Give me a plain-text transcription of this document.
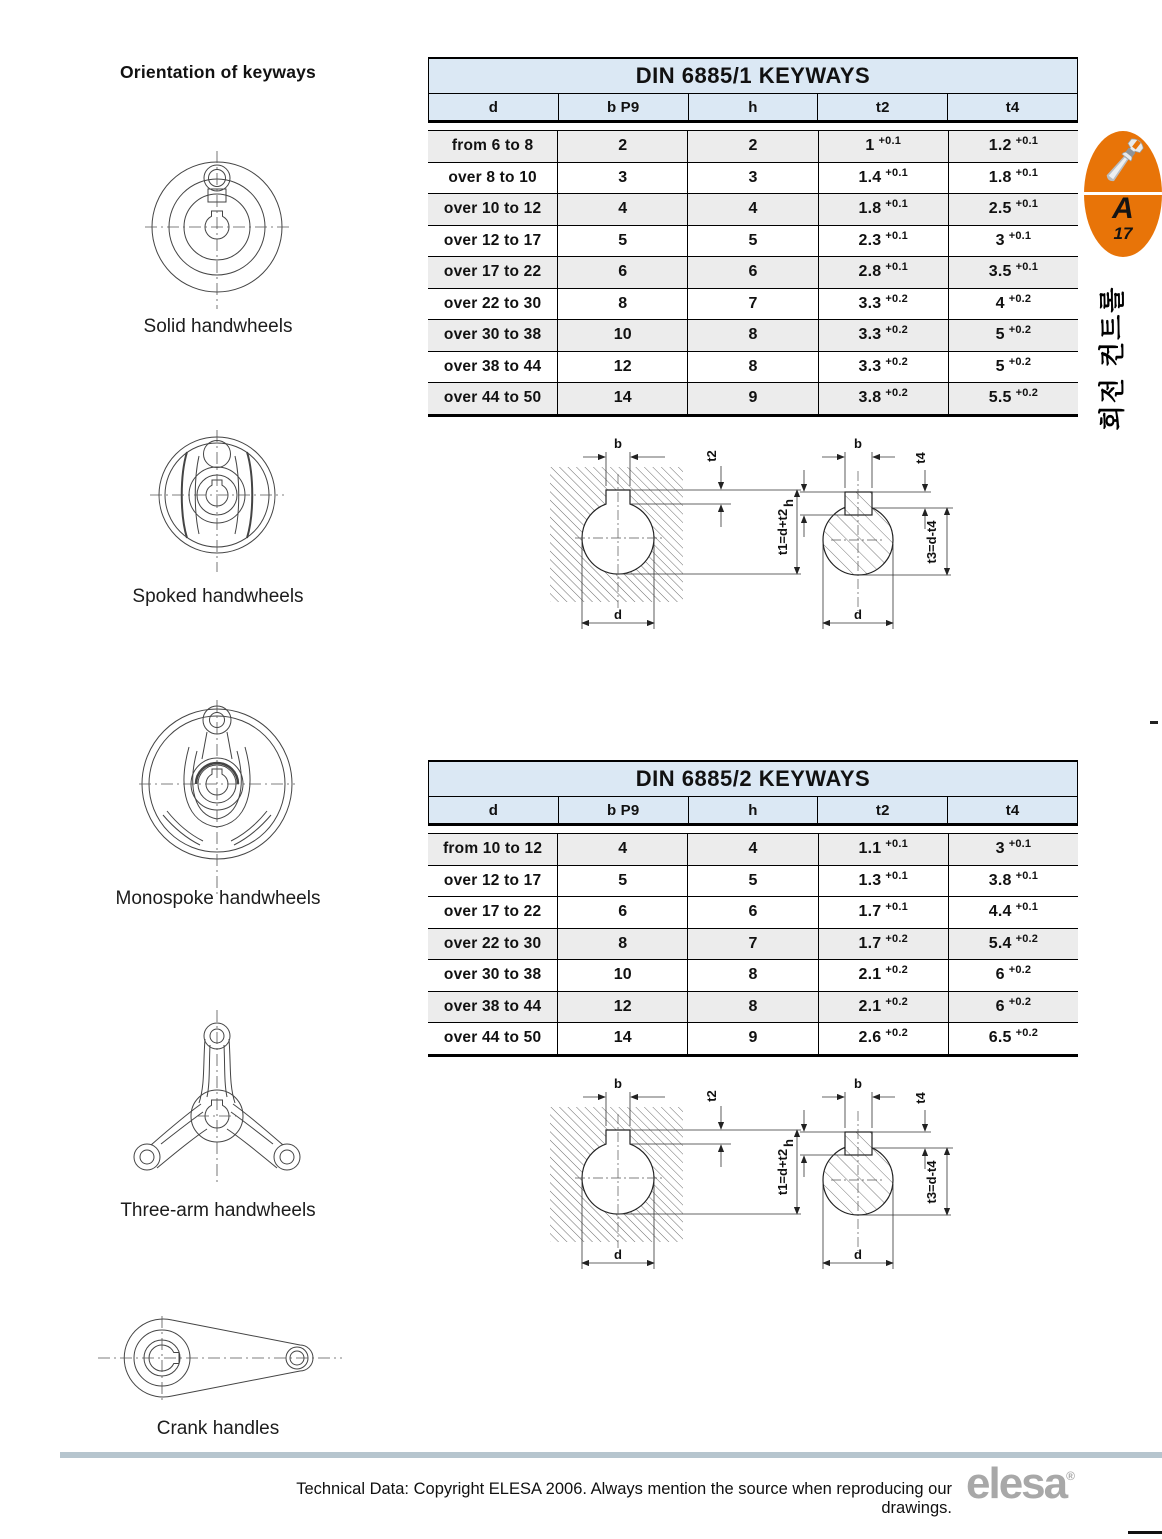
Orientation of keyways
Solid handwheels
Spoked handwheels
Monospoke handwheels
Three-arm handwheels
Crank handles
DIN 6885/1 KEYWAYS
d	b P9	h	t2	t4
from 6 to 8	2	2	1 +0.1	1.2 +0.1
over 8 to 10	3	3	1.4 +0.1	1.8 +0.1
over 10 to 12	4	4	1.8 +0.1	2.5 +0.1
over 12 to 17	5	5	2.3 +0.1	3 +0.1
over 17 to 22	6	6	2.8 +0.1	3.5 +0.1
over 22 to 30	8	7	3.3 +0.2	4 +0.2
over 30 to 38	10	8	3.3 +0.2	5 +0.2
over 38 to 44	12	8	3.3 +0.2	5 +0.2
over 44 to 50	14	9	3.8 +0.2	5.5 +0.2
DIN 6885/2 KEYWAYS
d	b P9	h	t2	t4
from 10 to 12	4	4	1.1 +0.1	3 +0.1
over 12 to 17	5	5	1.3 +0.1	3.8 +0.1
over 17 to 22	6	6	1.7 +0.1	4.4 +0.1
over 22 to 30	8	7	1.7 +0.2	5.4 +0.2
over 30 to 38	10	8	2.1 +0.2	6 +0.2
over 38 to 44	12	8	2.1 +0.2	6 +0.2
over 44 to 50	14	9	2.6 +0.2	6.5 +0.2
b
t2
t1=d+t2
d
b
t4
h
t3=d-t4
d
A
17
회전 컨트롤
Technical Data: Copyright ELESA 2006. Always mention the source when reproducing our drawings. elesa®
b
t2
t1=d+t2
d
b
t4
h
t3=d-t4
d
